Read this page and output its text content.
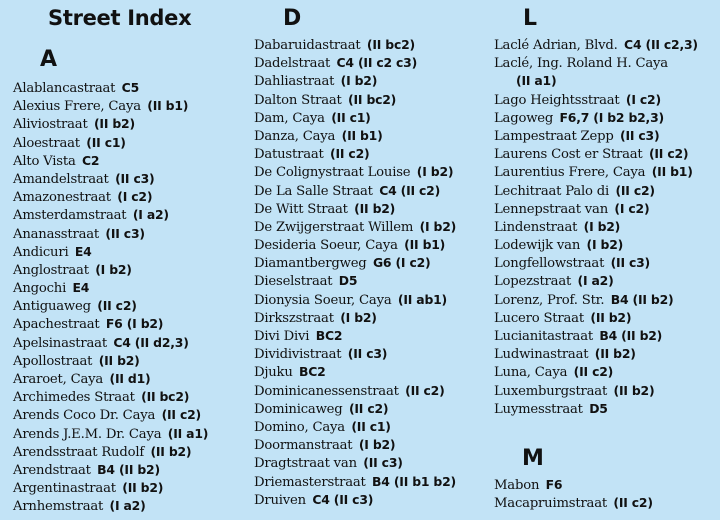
Street Index
A
Alablancastraat  C5
Alexius Frere, Caya  (II b1)
Aliviostraat  (II b2)
Aloestraat  (II c1)
Alto Vista  C2
Amandelstraat  (II c3)
Amazonestraat  (I c2)
Amsterdamstraat  (I a2)
Ananasstraat  (II c3)
Andicuri  E4
Anglostraat  (I b2)
Angochi  E4
Antiguaweg  (II c2)
Apachestraat  F6 (I b2)
Apelsinastraat  C4 (II d2,3)
Apollostraat  (II b2)
Araroet, Caya  (II d1)
Archimedes Straat  (II bc2)
Arends Coco Dr. Caya  (II c2)
Arends J.E.M. Dr. Caya  (II a1)
Arendsstraat Rudolf  (II b2)
Arendstraat  B4 (II b2)
Argentinastraat  (II b2)
Arnhemstraat  (I a2)
D
Dabaruidastraat  (II bc2)
Dadelstraat  C4 (II c2 c3)
Dahliastraat  (I b2)
Dalton Straat  (II bc2)
Dam, Caya  (II c1)
Danza, Caya  (II b1)
Datustraat  (II c2)
De Colignystraat Louise  (I b2)
De La Salle Straat  C4 (II c2)
De Witt Straat  (II b2)
De Zwijgerstraat Willem  (I b2)
Desideria Soeur, Caya  (II b1)
Diamantbergweg  G6 (I c2)
Dieselstraat  D5
Dionysia Soeur, Caya  (II ab1)
Dirkszstraat  (I b2)
Divi Divi  BC2
Dividivistraat  (II c3)
Djuku  BC2
Dominicanessenstraat  (II c2)
Dominicaweg  (II c2)
Domino, Caya  (II c1)
Doormanstraat  (I b2)
Dragtstraat van  (II c3)
Driemasterstraat  B4 (II b1 b2)
Druiven  C4 (II c3)
L
Laclé Adrian, Blvd.  C4 (II c2,3)
Laclé, Ing. Roland H. Caya
(II a1)
Lago Heightsstraat  (I c2)
Lagoweg  F6,7 (I b2 b2,3)
Lampestraat Zepp  (II c3)
Laurens Cost er Straat  (II c2)
Laurentius Frere, Caya  (II b1)
Lechitraat Palo di  (II c2)
Lennepstraat van  (I c2)
Lindenstraat  (I b2)
Lodewijk van  (I b2)
Longfellowstraat  (II c3)
Lopezstraat  (I a2)
Lorenz, Prof. Str.  B4 (II b2)
Lucero Straat  (II b2)
Lucianitastraat  B4 (II b2)
Ludwinastraat  (II b2)
Luna, Caya  (II c2)
Luxemburgstraat  (II b2)
Luymesstraat  D5
M
Mabon  F6
Macapruimstraat  (II c2)
